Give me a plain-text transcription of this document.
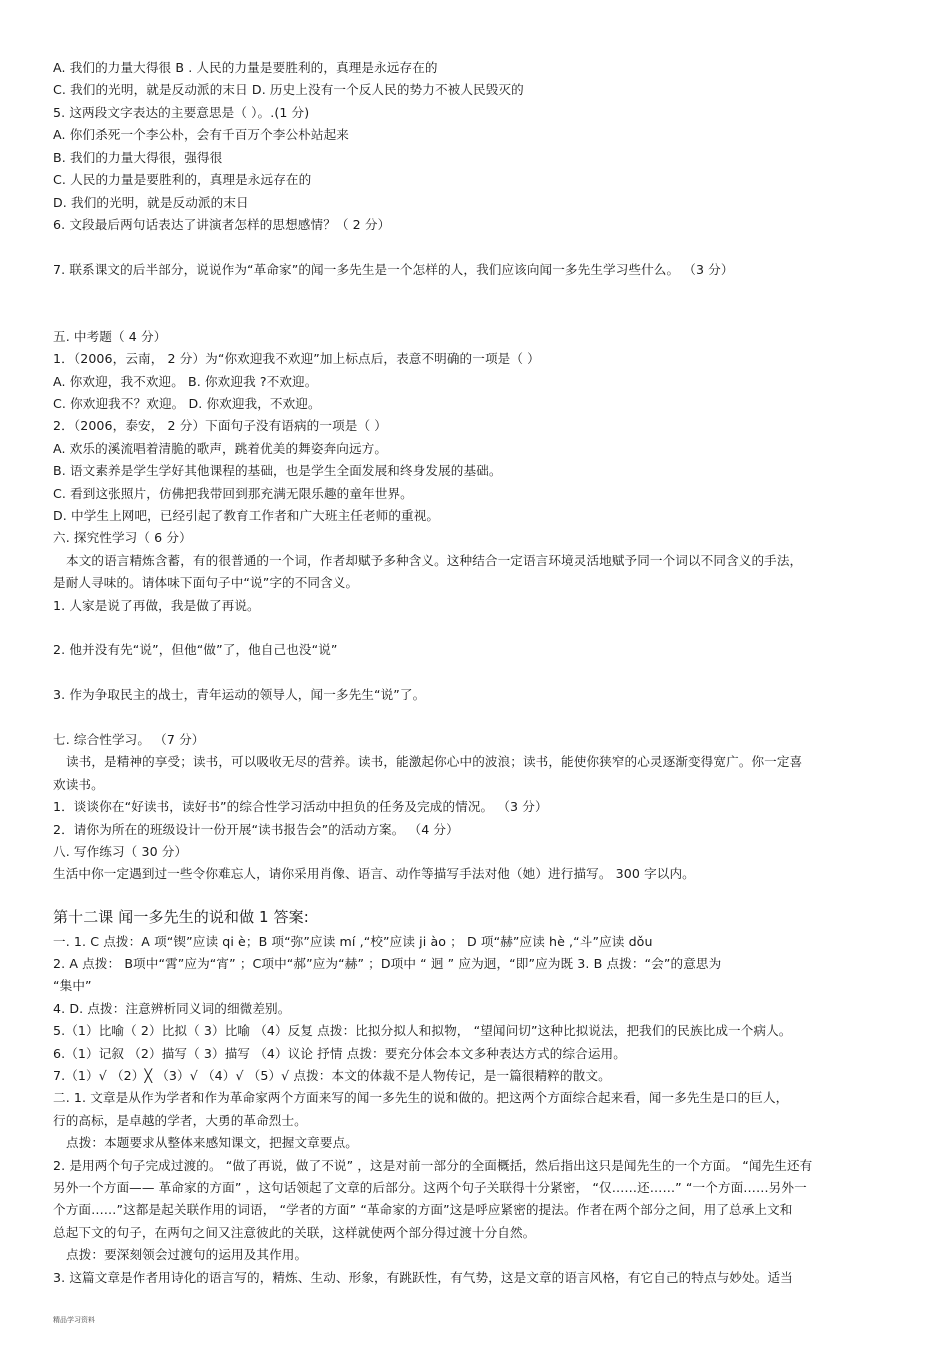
A. 我们的力量大得很 B . 人民的力量是要胜利的，真理是永远存在的
C. 我们的光明，就是反动派的末日 D. 历史上没有一个反人民的势力不被人民毁灭的
5. 这两段文字表达的主要意思是（ ）。.(1 分)
A. 你们杀死一个李公朴，会有千百万个李公朴站起来
B. 我们的力量大得很，强得很
C. 人民的力量是要胜利的，真理是永远存在的
D. 我们的光明，就是反动派的末日
6. 文段最后两句话表达了讲演者怎样的思想感情？（ 2 分）
7. 联系课文的后半部分，说说作为“革命家”的闻一多先生是一个怎样的人，我们应该向闻一多先生学习些什么。 （3 分）
五. 中考题（ 4 分）
1．（2006，云南， 2 分）为“你欢迎我不欢迎”加上标点后，表意不明确的一项是（ ）
A. 你欢迎，我不欢迎。 B. 你欢迎我 ?不欢迎。
C. 你欢迎我不？欢迎。 D. 你欢迎我，不欢迎。
2．（2006，泰安， 2 分）下面句子没有语病的一项是（ ）
A. 欢乐的溪流唱着清脆的歌声，跳着优美的舞姿奔向远方。
B. 语文素养是学生学好其他课程的基础，也是学生全面发展和终身发展的基础。
C. 看到这张照片，仿佛把我带回到那充满无限乐趣的童年世界。
D. 中学生上网吧，已经引起了教育工作者和广大班主任老师的重视。
六. 探究性学习（ 6 分）
本文的语言精炼含蓄，有的很普通的一个词，作者却赋予多种含义。这种结合一定语言环境灵活地赋予同一个词以不同含义的手法，
是耐人寻味的。请体味下面句子中“说”字的不同含义。
1. 人家是说了再做，我是做了再说。
2. 他并没有先“说”，但他“做”了，他自己也没“说”
3. 作为争取民主的战士，青年运动的领导人，闻一多先生“说”了。
七. 综合性学习。 （7 分）
读书，是精神的享受；读书，可以吸收无尽的营养。读书，能激起你心中的波浪；读书，能使你狭窄的心灵逐渐变得宽广。你一定喜
欢读书。
1．谈谈你在“好读书，读好书”的综合性学习活动中担负的任务及完成的情况。 （3 分）
2．请你为所在的班级设计一份开展“读书报告会”的活动方案。 （4 分）
八. 写作练习（ 30 分）
生活中你一定遇到过一些令你难忘人，请你采用肖像、语言、动作等描写手法对他（她）进行描写。 300 字以内。
第十二课 闻一多先生的说和做 1 答案:
一. 1. C 点拨：A 项“锲”应读 qi è；B 项“弥”应读 mí ,“校”应读 ji ào ； D 项“赫”应读 hè ,“斗”应读 dǒu
2. A 点拨： B项中“霄”应为“宵” ；C项中“郝”应为“赫” ；D项中 “ 迥 ” 应为迥，“即”应为既 3. B 点拨：“会”的意思为
“集中”
4. D. 点拨：注意辨析同义词的细微差别。
5.（1）比喻（ 2）比拟（ 3）比喻 （4）反复 点拨：比拟分拟人和拟物， “望闻问切”这种比拟说法，把我们的民族比成一个病人。
6.（1）记叙 （2）描写（ 3）描写 （4）议论 抒情 点拨：要充分体会本文多种表达方式的综合运用。
7.（1）√ （2）╳ （3）√ （4）√ （5）√ 点拨：本文的体裁不是人物传记，是一篇很精粹的散文。
二. 1. 文章是从作为学者和作为革命家两个方面来写的闻一多先生的说和做的。把这两个方面综合起来看，闻一多先生是口的巨人，
行的高标，是卓越的学者，大勇的革命烈士。
点拨：本题要求从整体来感知课文，把握文章要点。
2. 是用两个句子完成过渡的。 “做了再说，做了不说” ，这是对前一部分的全面概括，然后指出这只是闻先生的一个方面。 “闻先生还有
另外一个方面—— 革命家的方面” ，这句话领起了文章的后部分。这两个句子关联得十分紧密， “仅……还……” “一个方面……另外一
个方面……”这都是起关联作用的词语， “学者的方面” “革命家的方面”这是呼应紧密的提法。作者在两个部分之间，用了总承上文和
总起下文的句子，在两句之间又注意彼此的关联，这样就使两个部分得过渡十分自然。
点拨：要深刻领会过渡句的运用及其作用。
3. 这篇文章是作者用诗化的语言写的，精炼、生动、形象，有跳跃性，有气势，这是文章的语言风格，有它自己的特点与妙处。适当
精品学习资料
